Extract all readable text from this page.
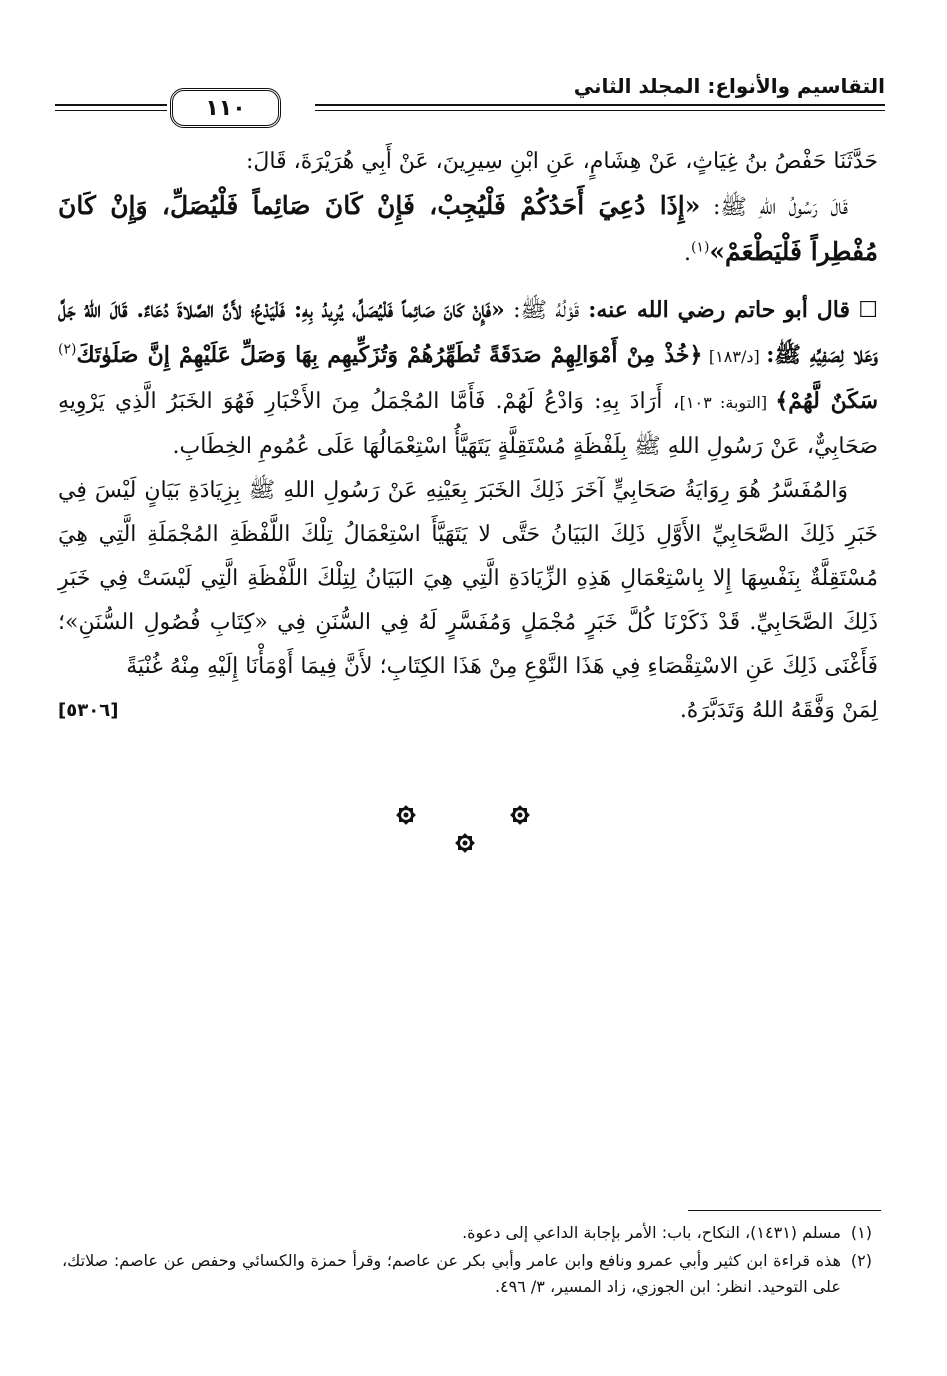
التقاسيم والأنواع: المجلد الثاني
١١٠

حَدَّثَنَا حَفْصُ بنُ غِيَاثٍ، عَنْ هِشَامٍ، عَنِ ابْنِ سِيرِينَ، عَنْ أَبِي هُرَيْرَةَ، قَالَ:

قَالَ رَسُولُ اللهِ ﷺ: «إِذَا دُعِيَ أَحَدُكُمْ فَلْيُجِبْ، فَإِنْ كَانَ صَائِماً فَلْيُصَلِّ، وَإِنْ كَانَ مُفْطِراً فَلْيَطْعَمْ»$^{(١)}$.

☐ قال أبو حاتم رضي الله عنه: قَوْلُهُ ﷺ: «فَإِنْ كَانَ صَائِماً فَلْيُصَلِّ، يُرِيدُ بِهِ: فَلْيَدْعُ؛ لأَنَّ الصَّلاةَ دُعَاءٌ. قَالَ اللهُ جَلَّ وَعَلا لِصَفِيِّهِ ﷺ: [د/١٨٣] ﴿خُذْ مِنْ أَمْوَالِهِمْ صَدَقَةً تُطَهِّرُهُمْ وَتُزَكِّيهِم بِهَا وَصَلِّ عَلَيْهِمْ إِنَّ صَلَوٰتَكَ$^{(٢)}$ سَكَنٌ لَّهُمْ﴾ [التوبة: ١٠٣]، أَرَادَ بِهِ: وَادْعُ لَهُمْ. فَأَمَّا المُجْمَلُ مِنَ الأَخْبَارِ فَهُوَ الخَبَرُ الَّذِي يَرْوِيهِ صَحَابِيٌّ، عَنْ رَسُولِ اللهِ ﷺ بِلَفْظَةٍ مُسْتَقِلَّةٍ يَتَهَيَّأُ اسْتِعْمَالُهَا عَلَى عُمُومِ الخِطَابِ.

وَالمُفَسَّرُ هُوَ رِوَايَةُ صَحَابِيٍّ آخَرَ ذَلِكَ الخَبَرَ بِعَيْنِهِ عَنْ رَسُولِ اللهِ ﷺ بِزِيَادَةِ بَيَانٍ لَيْسَ فِي خَبَرِ ذَلِكَ الصَّحَابِيِّ الأَوَّلِ ذَلِكَ البَيَانُ حَتَّى لا يَتَهَيَّأَ اسْتِعْمَالُ تِلْكَ اللَّفْظَةِ المُجْمَلَةِ الَّتِي هِيَ مُسْتَقِلَّةٌ بِنَفْسِهَا إِلا بِاسْتِعْمَالِ هَذِهِ الزِّيَادَةِ الَّتِي هِيَ البَيَانُ لِتِلْكَ اللَّفْظَةِ الَّتِي لَيْسَتْ فِي خَبَرِ ذَلِكَ الصَّحَابِيِّ. قَدْ ذَكَرْنَا كُلَّ خَبَرٍ مُجْمَلٍ وَمُفَسَّرٍ لَهُ فِي السُّنَنِ فِي «كِتَابِ فُصُولِ السُّنَنِ»؛ فَأَغْنَى ذَلِكَ عَنِ الاسْتِقْصَاءِ فِي هَذَا النَّوْعِ مِنْ هَذَا الكِتَابِ؛ لأَنَّ فِيمَا أَوْمَأْنَا إِلَيْهِ مِنْهُ غُنْيَةً

لِمَنْ وَفَّقَهُ اللهُ وَتَدَبَّرَهُ.
[٥٣٠٦]
(١)
مسلم (١٤٣١)، النكاح، باب: الأمر بإجابة الداعي إلى دعوة.
(٢)
هذه قراءة ابن كثير وأبي عمرو ونافع وابن عامر وأبي بكر عن عاصم؛ وقرأ حمزة والكسائي وحفص عن عاصم: صلاتك، على التوحيد. انظر: ابن الجوزي، زاد المسير، ٣/ ٤٩٦.
